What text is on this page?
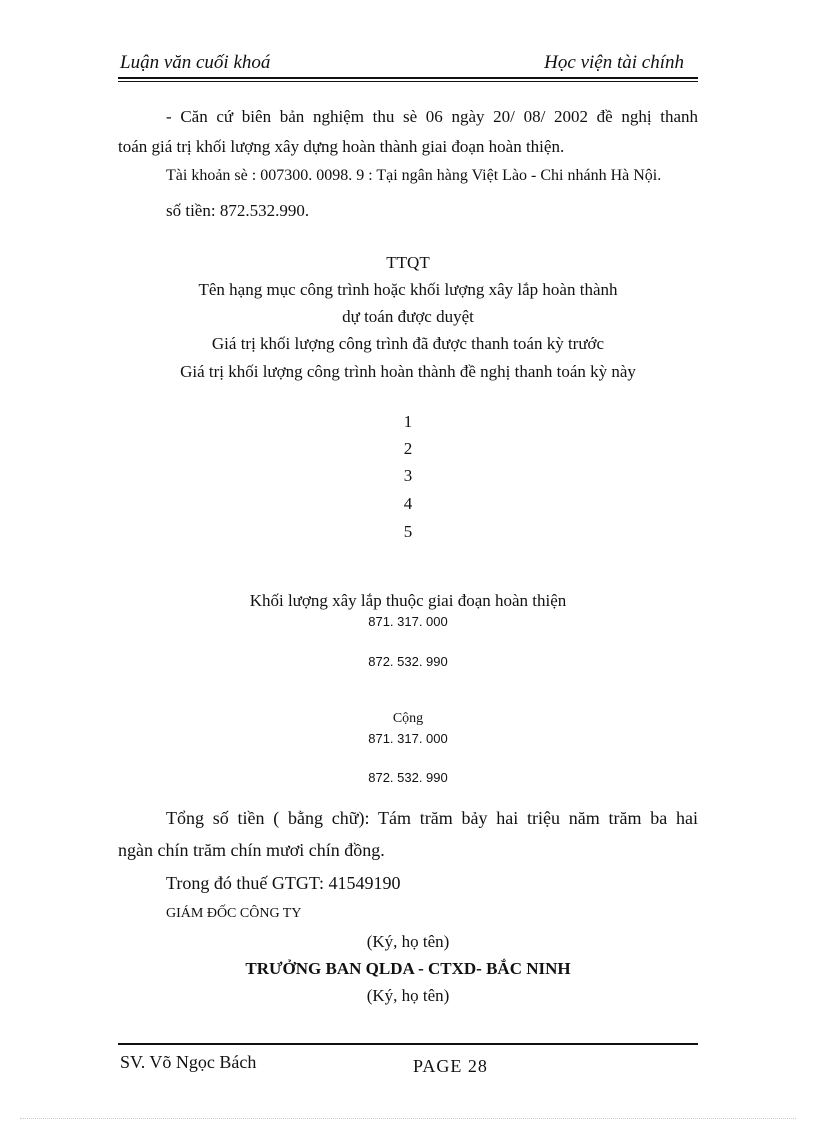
Luận văn cuối khoá	Học viện tài chính
- Căn cứ biên bản nghiệm thu sè 06 ngày 20/ 08/ 2002 đề nghị thanh
toán giá trị khối lượng xây dựng hoàn thành giai đoạn hoàn thiện.
Tài khoản sè : 007300. 0098. 9 : Tại ngân hàng Việt Lào - Chi nhánh Hà Nội.
số tiền: 872.532.990.
TTQT
Tên hạng mục công trình hoặc khối lượng xây lắp hoàn thành
dự toán được duyệt
Giá trị khối lượng công trình đã được thanh toán kỳ trước
Giá trị khối lượng công trình hoàn thành đề nghị thanh toán kỳ này
1
2
3
4
5
Khối lượng xây lắp thuộc giai đoạn hoàn thiện
871. 317. 000
872. 532. 990
Cộng
871. 317. 000
872. 532. 990
Tổng số tiền ( bằng chữ): Tám trăm bảy hai triệu năm trăm ba hai
ngàn chín trăm chín mươi chín đồng.
Trong đó thuế GTGT: 41549190
GIÁM ĐỐC CÔNG TY
(Ký, họ tên)
TRƯỞNG BAN QLDA - CTXD- BẮC NINH
(Ký, họ tên)
SV. Võ Ngọc Bách	PAGE 28
